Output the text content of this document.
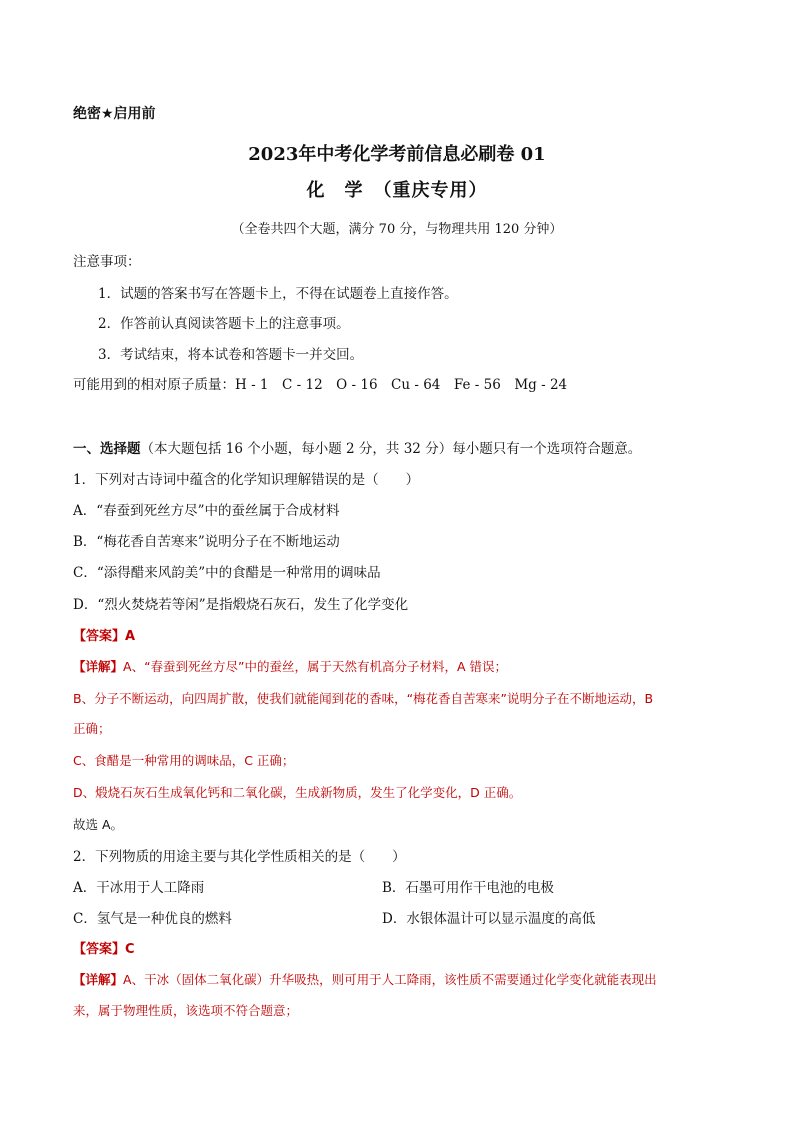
绝密★启用前
2023年中考化学考前信息必刷卷 01
化　学　（重庆专用）
（全卷共四个大题，满分 70 分，与物理共用 120 分钟）
注意事项：
1．试题的答案书写在答题卡上，不得在试题卷上直接作答。
2．作答前认真阅读答题卡上的注意事项。
3．考试结束，将本试卷和答题卡一并交回。
可能用到的相对原子质量：H - 1　C - 12　O - 16　Cu - 64　Fe - 56　Mg - 24
一、选择题（本大题包括 16 个小题，每小题 2 分，共 32 分）每小题只有一个选项符合题意。
1．下列对古诗词中蕴含的化学知识理解错误的是（　　）
A．“春蚕到死丝方尽”中的蚕丝属于合成材料
B．“梅花香自苦寒来”说明分子在不断地运动
C．“添得醋来风韵美”中的食醋是一种常用的调味品
D．“烈火焚烧若等闲”是指煅烧石灰石，发生了化学变化
【答案】A
【详解】A、“春蚕到死丝方尽”中的蚕丝，属于天然有机高分子材料，A 错误；
B、分子不断运动，向四周扩散，使我们就能闻到花的香味，“梅花香自苦寒来”说明分子在不断地运动，B
正确；
C、食醋是一种常用的调味品，C 正确；
D、煅烧石灰石生成氧化钙和二氧化碳，生成新物质，发生了化学变化，D 正确。
故选 A。
2．下列物质的用途主要与其化学性质相关的是（　　）
A．干冰用于人工降雨	B．石墨可用作干电池的电极
C．氢气是一种优良的燃料	D．水银体温计可以显示温度的高低
【答案】C
【详解】A、干冰（固体二氧化碳）升华吸热，则可用于人工降雨，该性质不需要通过化学变化就能表现出
来，属于物理性质，该选项不符合题意；
